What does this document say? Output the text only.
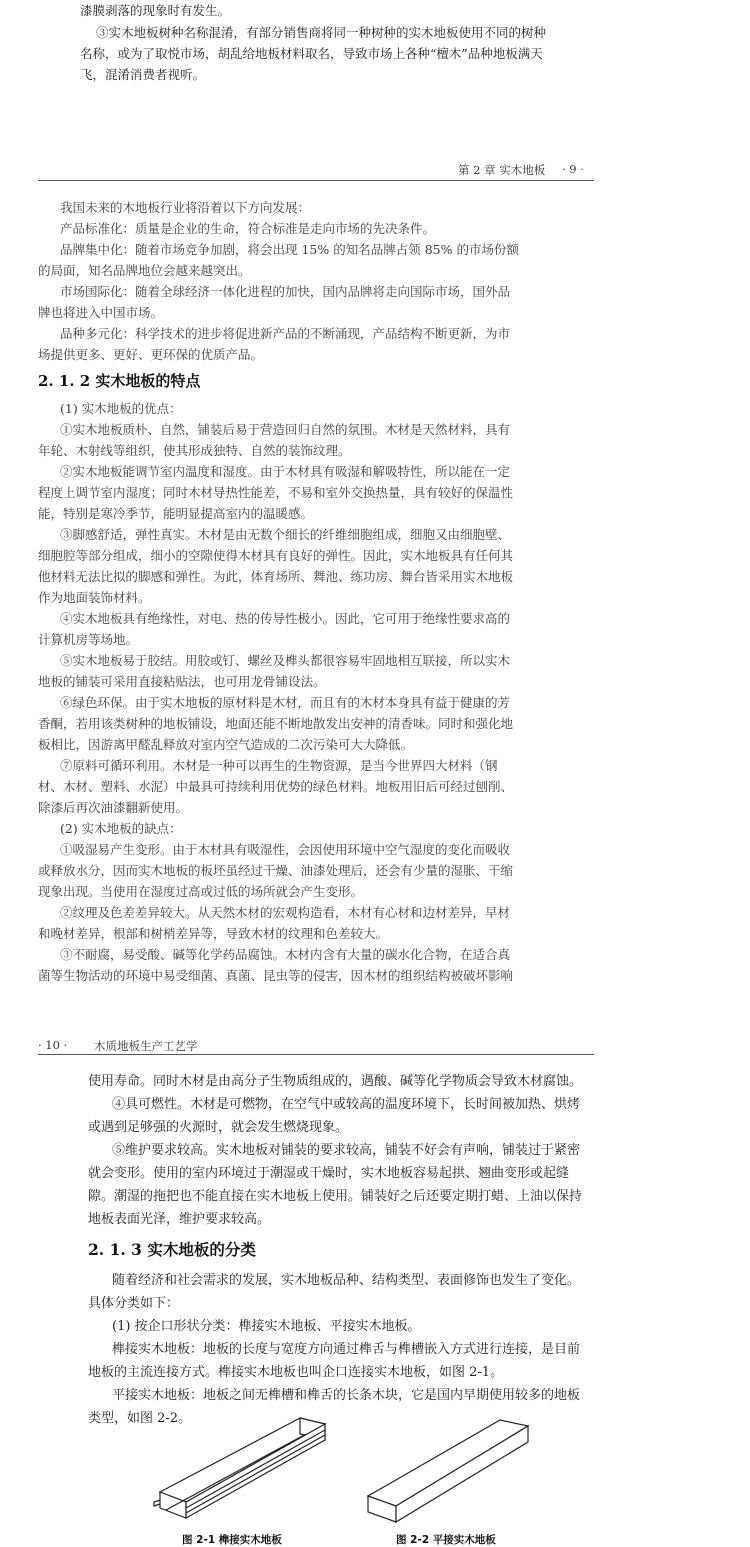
漆膜剥落的现象时有发生。
③实木地板树种名称混淆，有部分销售商将同一种树种的实木地板使用不同的树种
名称，或为了取悦市场，胡乱给地板材料取名，导致市场上各种“檀木”品种地板满天
飞，混淆消费者视听。
第 2 章 实木地板 · 9 ·
我国未来的木地板行业将沿着以下方向发展：
产品标准化：质量是企业的生命，符合标准是走向市场的先决条件。
品牌集中化：随着市场竞争加剧，将会出现 15% 的知名品牌占领 85% 的市场份额
的局面，知名品牌地位会越来越突出。
市场国际化：随着全球经济一体化进程的加快，国内品牌将走向国际市场，国外品
牌也将进入中国市场。
品种多元化：科学技术的进步将促进新产品的不断涌现，产品结构不断更新，为市
场提供更多、更好、更环保的优质产品。
2. 1. 2 实木地板的特点
(1) 实木地板的优点：
①实木地板质朴、自然，铺装后易于营造回归自然的氛围。木材是天然材料，具有
年轮、木射线等组织，使其形成独特、自然的装饰纹理。
②实木地板能调节室内温度和湿度。由于木材具有吸湿和解吸特性，所以能在一定
程度上调节室内湿度；同时木材导热性能差，不易和室外交换热量，具有较好的保温性
能，特别是寒冷季节，能明显提高室内的温暖感。
③脚感舒适，弹性真实。木材是由无数个细长的纤维细胞组成，细胞又由细胞壁、
细胞腔等部分组成，细小的空隙使得木材具有良好的弹性。因此，实木地板具有任何其
他材料无法比拟的脚感和弹性。为此，体育场所、舞池、练功房、舞台皆采用实木地板
作为地面装饰材料。
④实木地板具有绝缘性，对电、热的传导性极小。因此，它可用于绝缘性要求高的
计算机房等场地。
⑤实木地板易于胶结。用胶或钉、螺丝及榫头都很容易牢固地相互联接，所以实木
地板的铺装可采用直接粘贴法，也可用龙骨铺设法。
⑥绿色环保。由于实木地板的原材料是木材，而且有的木材本身具有益于健康的芳
香酮，若用该类树种的地板铺设，地面还能不断地散发出安神的清香味。同时和强化地
板相比，因游离甲醛乱释放对室内空气造成的二次污染可大大降低。
⑦原料可循环利用。木材是一种可以再生的生物资源，是当今世界四大材料（钢
材、木材、塑料、水泥）中最具可持续利用优势的绿色材料。地板用旧后可经过刨削、
除漆后再次油漆翻新使用。
(2) 实木地板的缺点：
①吸湿易产生变形。由于木材具有吸湿性，会因使用环境中空气湿度的变化而吸收
或释放水分，因而实木地板的板坯虽经过干燥、油漆处理后，还会有少量的湿胀、干缩
现象出现。当使用在湿度过高或过低的场所就会产生变形。
②纹理及色差差异较大。从天然木材的宏观构造看，木材有心材和边材差异，早材
和晚材差异，根部和树梢差异等，导致木材的纹理和色差较大。
③不耐腐，易受酸、碱等化学药品腐蚀。木材内含有大量的碳水化合物，在适合真
菌等生物活动的环境中易受细菌、真菌、昆虫等的侵害，因木材的组织结构被破坏影响
· 10 · 木质地板生产工艺学
使用寿命。同时木材是由高分子生物质组成的，遇酸、碱等化学物质会导致木材腐蚀。
④具可燃性。木材是可燃物，在空气中或较高的温度环境下，长时间被加热、烘烤
或遇到足够强的火源时，就会发生燃烧现象。
⑤维护要求较高。实木地板对铺装的要求较高，铺装不好会有声响，铺装过于紧密
就会变形。使用的室内环境过于潮湿或干燥时，实木地板容易起拱、翘曲变形或起缝
隙。潮湿的拖把也不能直接在实木地板上使用。铺装好之后还要定期打蜡、上油以保持
地板表面光泽，维护要求较高。
2. 1. 3 实木地板的分类
随着经济和社会需求的发展，实木地板品种、结构类型、表面修饰也发生了变化。
具体分类如下：
(1) 按企口形状分类：榫接实木地板、平接实木地板。
榫接实木地板：地板的长度与宽度方向通过榫舌与榫槽嵌入方式进行连接，是目前
地板的主流连接方式。榫接实木地板也叫企口连接实木地板，如图 2-1。
平接实木地板：地板之间无榫槽和榫舌的长条木块，它是国内早期使用较多的地板
类型，如图 2-2。
图 2-1 榫接实木地板	图 2-2 平接实木地板
